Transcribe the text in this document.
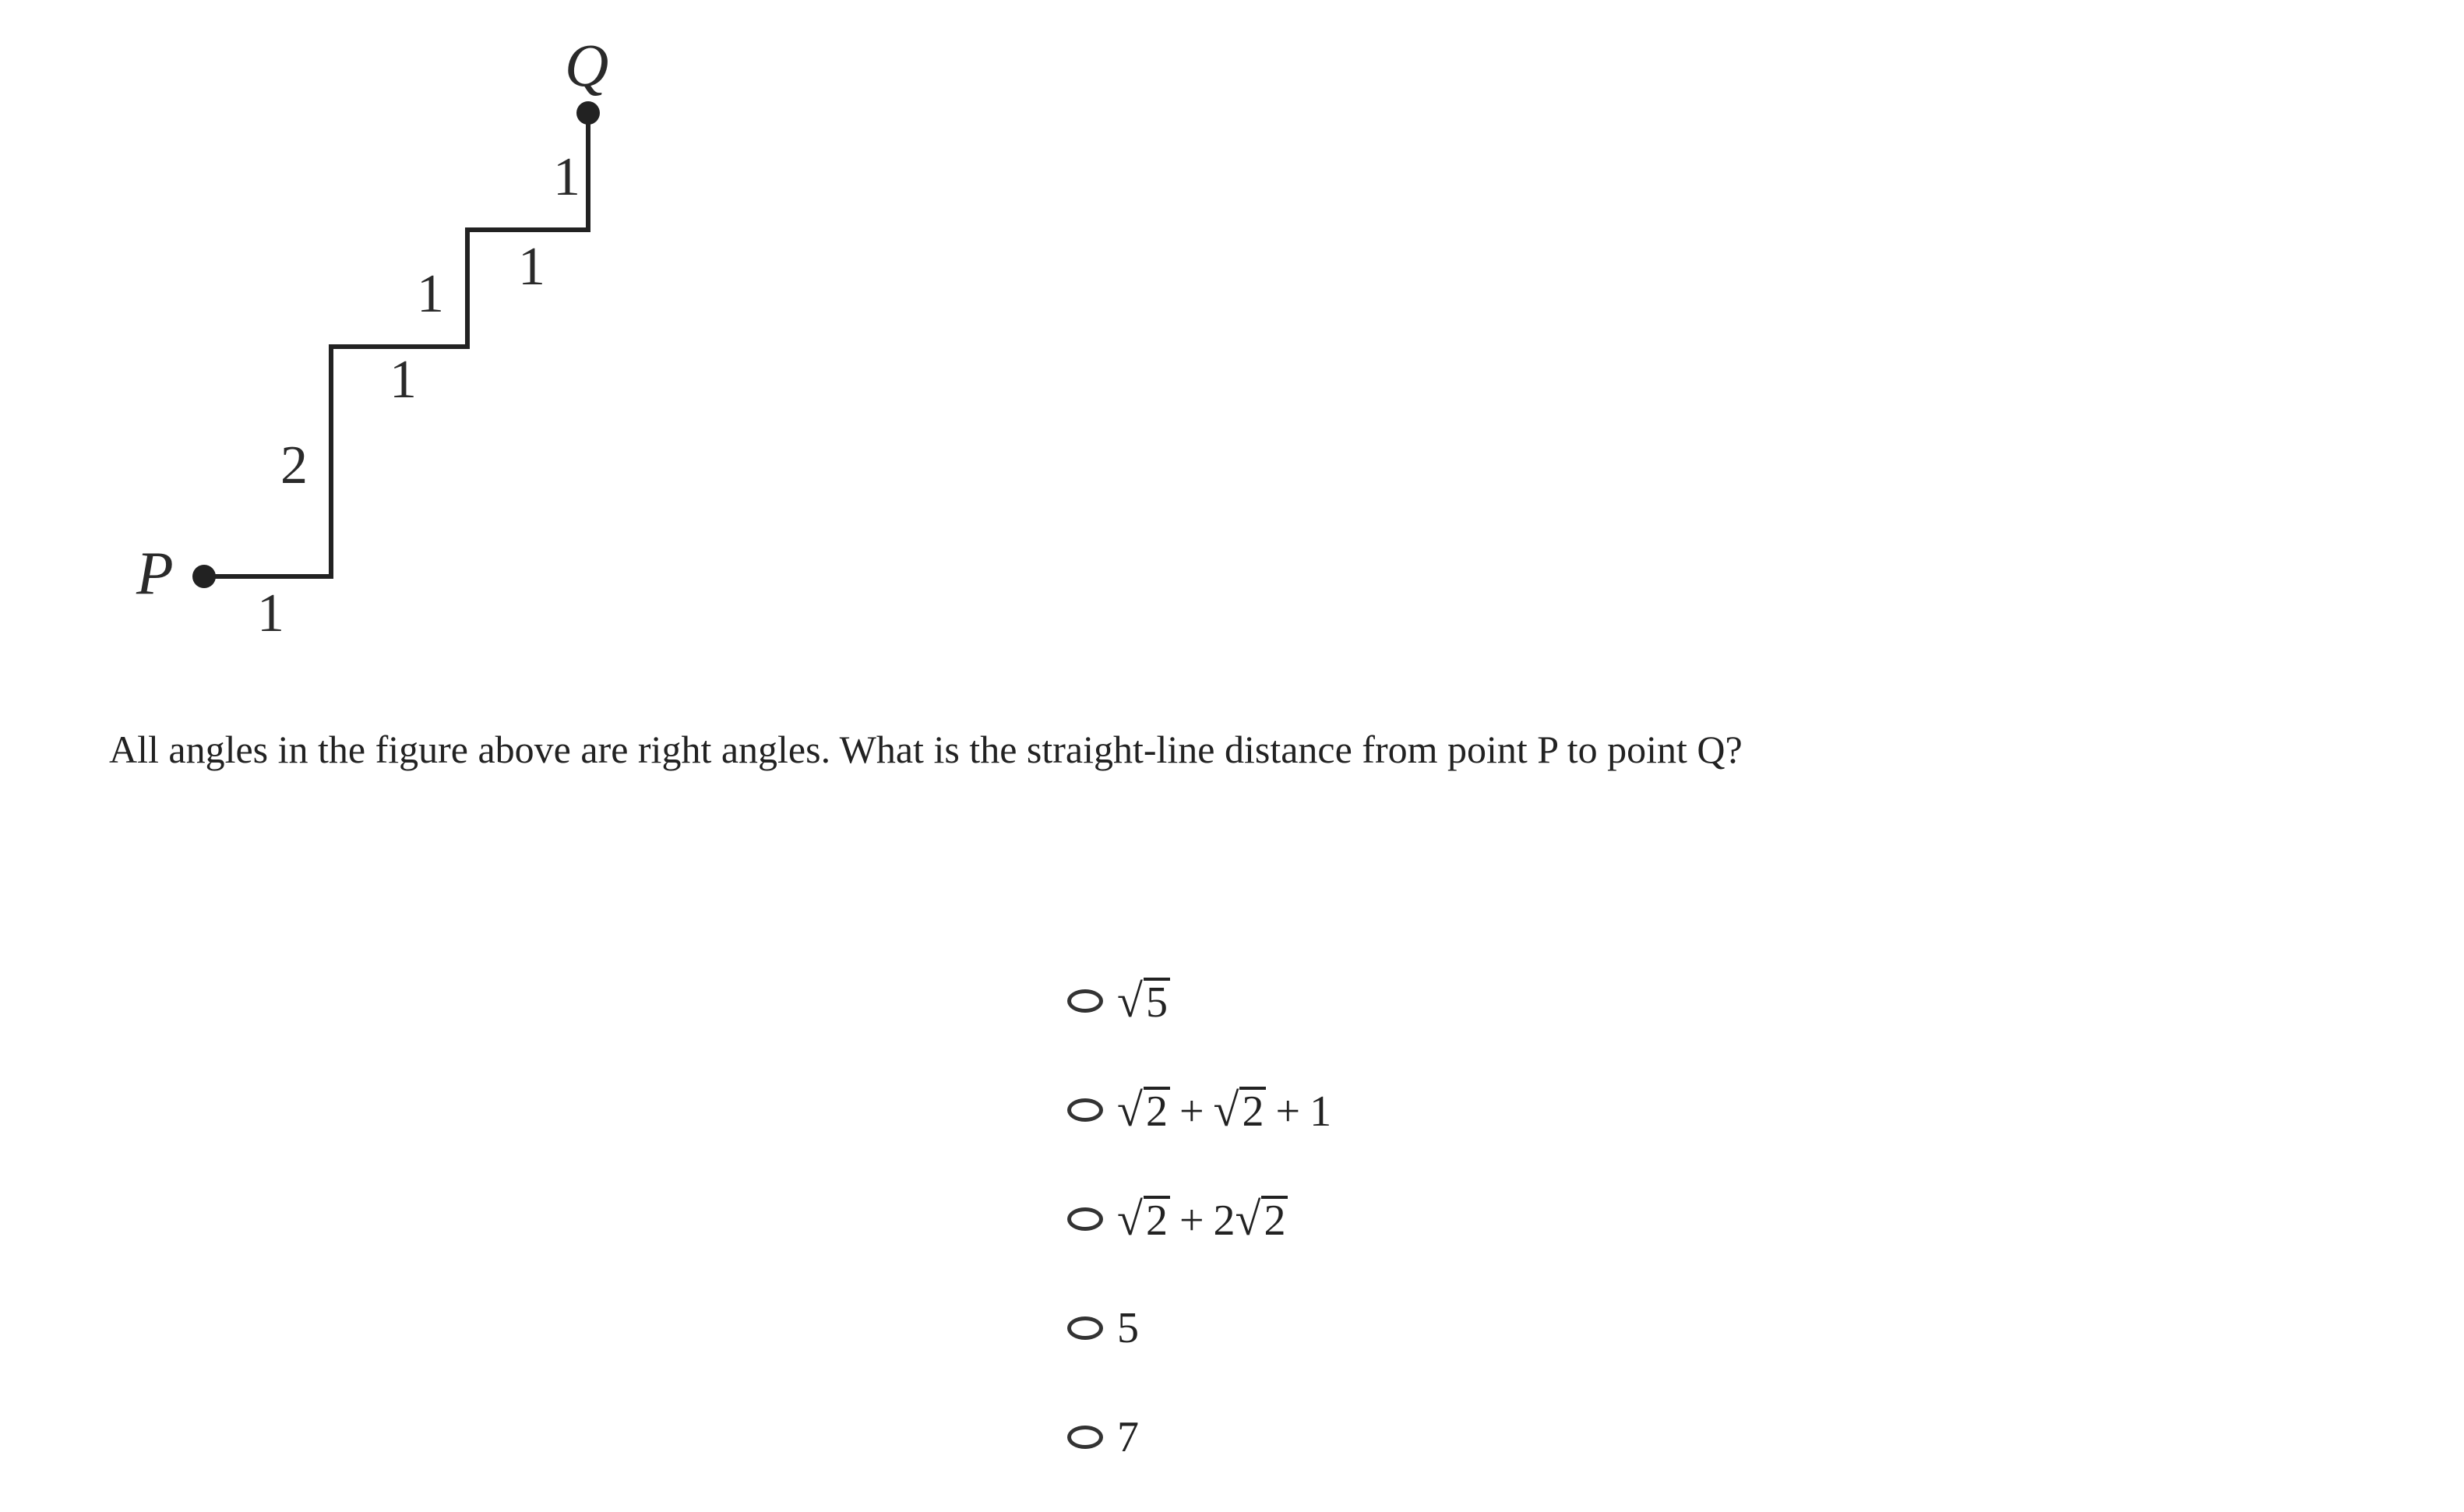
P
Q
1
2
1
1 1
1
All angles in the figure above are right angles. What is the straight-line distance from point P to point Q?
√ 5
√ 2 + √ 2 + 1
√ 2 + 2 √ 2
5
7
